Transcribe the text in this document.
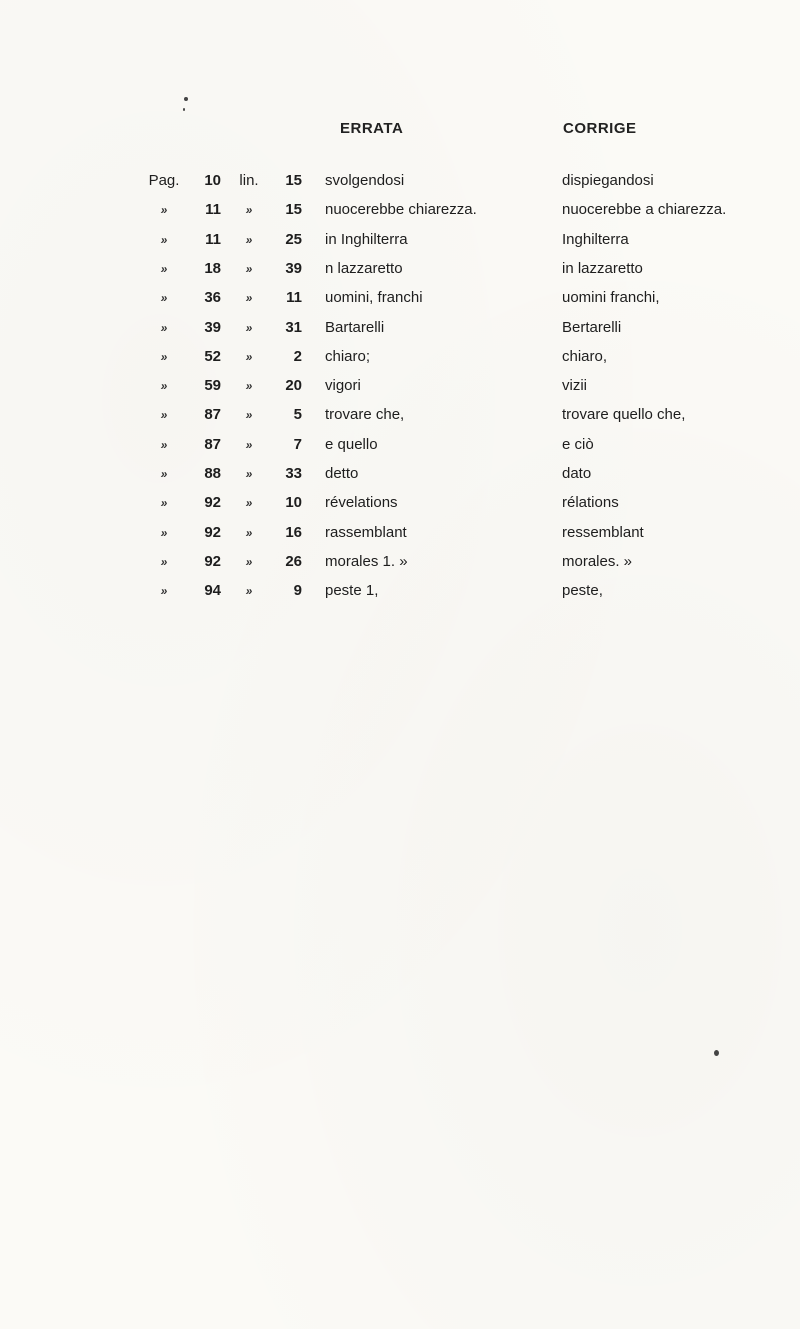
ERRATA	CORRIGE
Pag.	10	lin.	15 svolgendosi	dispiegandosi
»	11	»	15 nuocerebbe chiarezza.	nuocerebbe a chiarezza.
»	11	»	25 in Inghilterra	Inghilterra
»	18	»	39 n lazzaretto	in lazzaretto
»	36	»	11 uomini, franchi	uomini franchi,
»	39	»	31 Bartarelli	Bertarelli
»	52	»	2 chiaro;	chiaro,
»	59	»	20 vigori	vizii
»	87	»	5 trovare che,	trovare quello che,
»	87	»	7 e quello	e ciò
»	88	»	33 detto	dato
»	92	»	10 révelations	rélations
»	92	»	16 rassemblant	ressemblant
»	92	»	26 morales 1. »	morales. »
»	94	»	9 peste 1,	peste,
